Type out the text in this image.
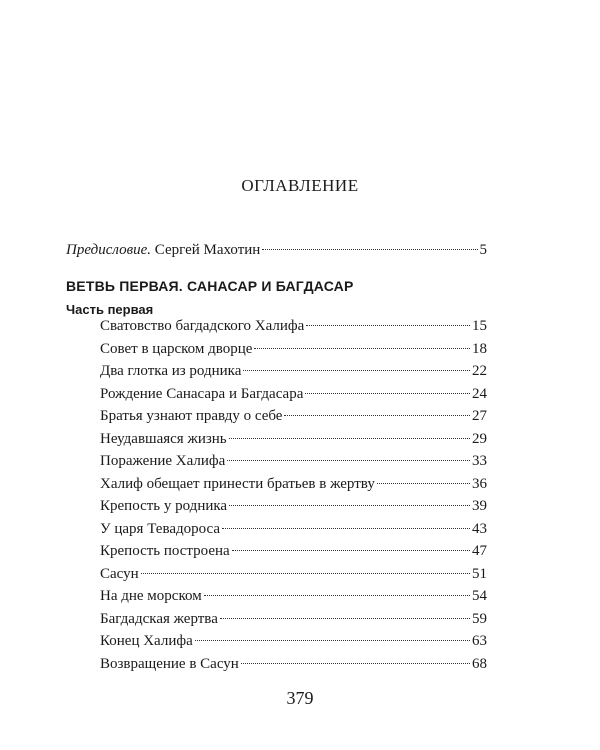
ОГЛАВЛЕНИЕ
Предисловие. Сергей Махотин	5
ВЕТВЬ ПЕРВАЯ. САНАСАР И БАГДАСАР
Часть первая
Сватовство багдадского Халифа	15
Совет в царском дворце	18
Два глотка из родника	22
Рождение Санасара и Багдасара	24
Братья узнают правду о себе	27
Неудавшаяся жизнь	29
Поражение Халифа	33
Халиф обещает принести братьев в жертву	36
Крепость у родника	39
У царя Тевадороса	43
Крепость построена	47
Сасун	51
На дне морском	54
Багдадская жертва	59
Конец Халифа	63
Возвращение в Сасун	68
379
